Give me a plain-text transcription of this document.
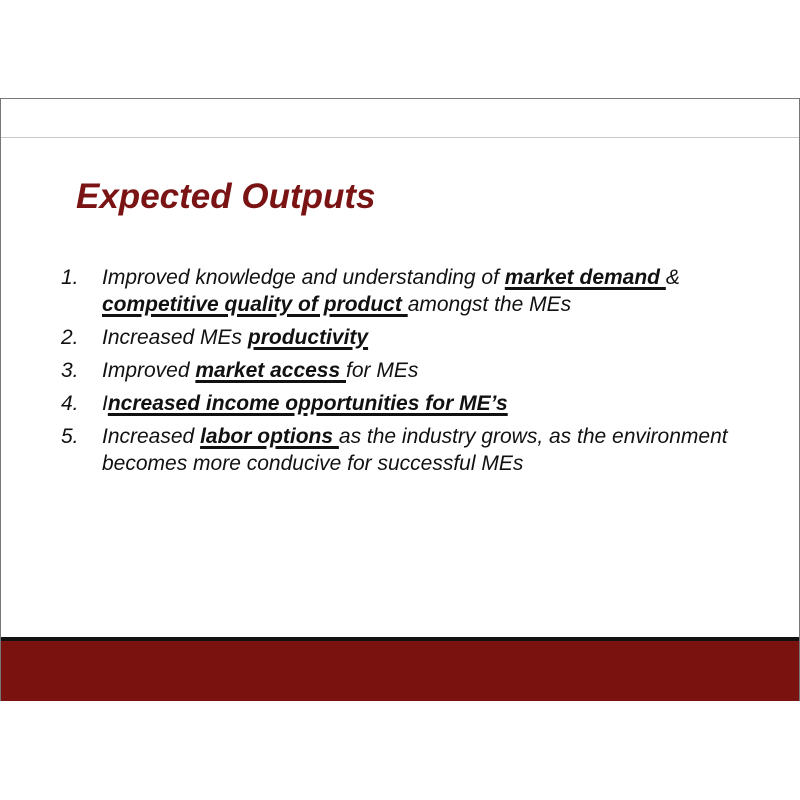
Expected Outputs
1. Improved knowledge and understanding of market demand & competitive quality of product amongst the MEs
2. Increased MEs productivity
3. Improved market access for MEs
4. Increased income opportunities for ME’s
5. Increased labor options as the industry grows, as the environment becomes more conducive for successful MEs
